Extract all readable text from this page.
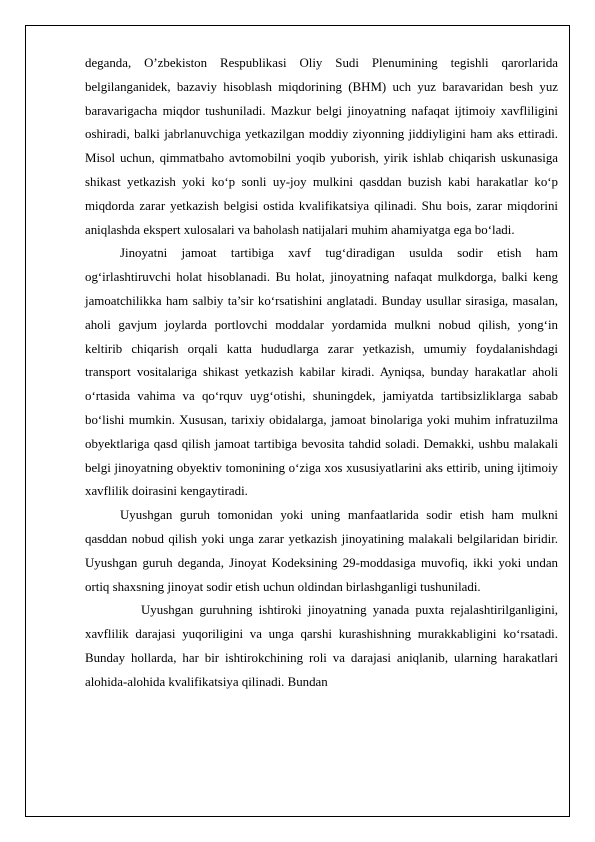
deganda, O’zbekiston Respublikasi Oliy Sudi Plenumining tegishli qarorlarida belgilanganidek, bazaviy hisoblash miqdorining (BHM) uch yuz baravaridan besh yuz baravarigacha miqdor tushuniladi. Mazkur belgi jinoyatning nafaqat ijtimoiy xavfliligini oshiradi, balki jabrlanuvchiga yetkazilgan moddiy ziyonning jiddiyligini ham aks ettiradi. Misol uchun, qimmatbaho avtomobilni yoqib yuborish, yirik ishlab chiqarish uskunasiga shikast yetkazish yoki ko‘p sonli uy-joy mulkini qasddan buzish kabi harakatlar ko‘p miqdorda zarar yetkazish belgisi ostida kvalifikatsiya qilinadi. Shu bois, zarar miqdorini aniqlashda ekspert xulosalari va baholash natijalari muhim ahamiyatga ega bo‘ladi.

Jinoyatni jamoat tartibiga xavf tug‘diradigan usulda sodir etish ham og‘irlashtiruvchi holat hisoblanadi. Bu holat, jinoyatning nafaqat mulkdorga, balki keng jamoatchilikka ham salbiy ta’sir ko‘rsatishini anglatadi. Bunday usullar sirasiga, masalan, aholi gavjum joylarda portlovchi moddalar yordamida mulkni nobud qilish, yong‘in keltirib chiqarish orqali katta hududlarga zarar yetkazish, umumiy foydalanishdagi transport vositalariga shikast yetkazish kabilar kiradi. Ayniqsa, bunday harakatlar aholi o‘rtasida vahima va qo‘rquv uyg‘otishi, shuningdek, jamiyatda tartibsizliklarga sabab bo‘lishi mumkin. Xususan, tarixiy obidalarga, jamoat binolariga yoki muhim infratuzilma obyektlariga qasd qilish jamoat tartibiga bevosita tahdid soladi. Demakki, ushbu malakali belgi jinoyatning obyektiv tomonining o‘ziga xos xususiyatlarini aks ettirib, uning ijtimoiy xavflilik doirasini kengaytiradi.

Uyushgan guruh tomonidan yoki uning manfaatlarida sodir etish ham mulkni qasddan nobud qilish yoki unga zarar yetkazish jinoyatining malakali belgilaridan biridir. Uyushgan guruh deganda, Jinoyat Kodeksining 29-moddasiga muvofiq, ikki yoki undan ortiq shaxsning jinoyat sodir etish uchun oldindan birlashganligi tushuniladi.

Uyushgan guruhning ishtiroki jinoyatning yanada puxta rejalashtirilganligini, xavflilik darajasi yuqoriligini va unga qarshi kurashishning murakkabligini ko‘rsatadi. Bunday hollarda, har bir ishtirokchining roli va darajasi aniqlanib, ularning harakatlari alohida-alohida kvalifikatsiya qilinadi. Bundan
